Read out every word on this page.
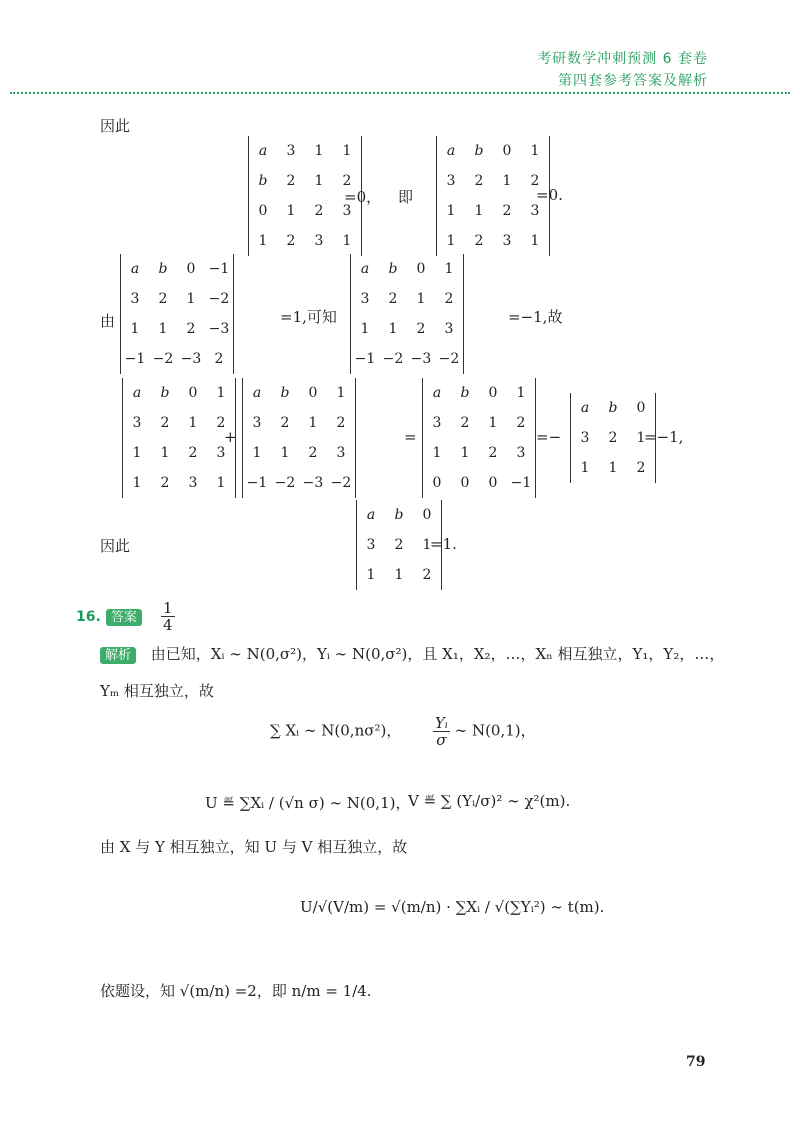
考研数学冲刺预测 6 套卷
第四套参考答案及解析
因此
a	3	1	1
b	2	1	2
0	1	2	3
1	2	3	1
=0， 即
a	b	0	1
3	2	1	2
1	1	2	3
1	2	3	1
=0.
由
a	b	0	−1
3	2	1	−2
1	1	2	−3
−1	−2	−3	2
=1,可知
a	b	0	1
3	2	1	2
1	1	2	3
−1	−2	−3	−2
=−1,故
a	b	0	1
3	2	1	2
1	1	2	3
1	2	3	1
+
a	b	0	1
3	2	1	2
1	1	2	3
−1	−2	−3	−2
=
a	b	0	1
3	2	1	2
1	1	2	3
0	0	0	−1
=−
a	b	0
3	2	1
1	1	2
=−1,
因此
a	b	0
3	2	1
1	1	2
=1.
16. 答案 $\frac{1}{4}$
解析 由已知，Xᵢ ∼ N(0,σ²)，Yᵢ ∼ N(0,σ²)，且 X₁，X₂，…，Xₙ 相互独立，Y₁，Y₂，…，
Yₘ 相互独立，故
∑ Xᵢ ∼ N(0,nσ²)， $\frac{\text{Yᵢ}}{\sigma}$ ∼ N(0,1)，
U ≝ ∑Xᵢ / (√n σ) ∼ N(0,1)，
V ≝ ∑ (Yᵢ/σ)² ∼ χ²(m).
由 X 与 Y 相互独立，知 U 与 V 相互独立，故
U/√(V/m) = √(m/n) · ∑Xᵢ / √(∑Yᵢ²) ∼ t(m).
依题设，知 √(m/n) =2，即 n/m = 1/4.
79
